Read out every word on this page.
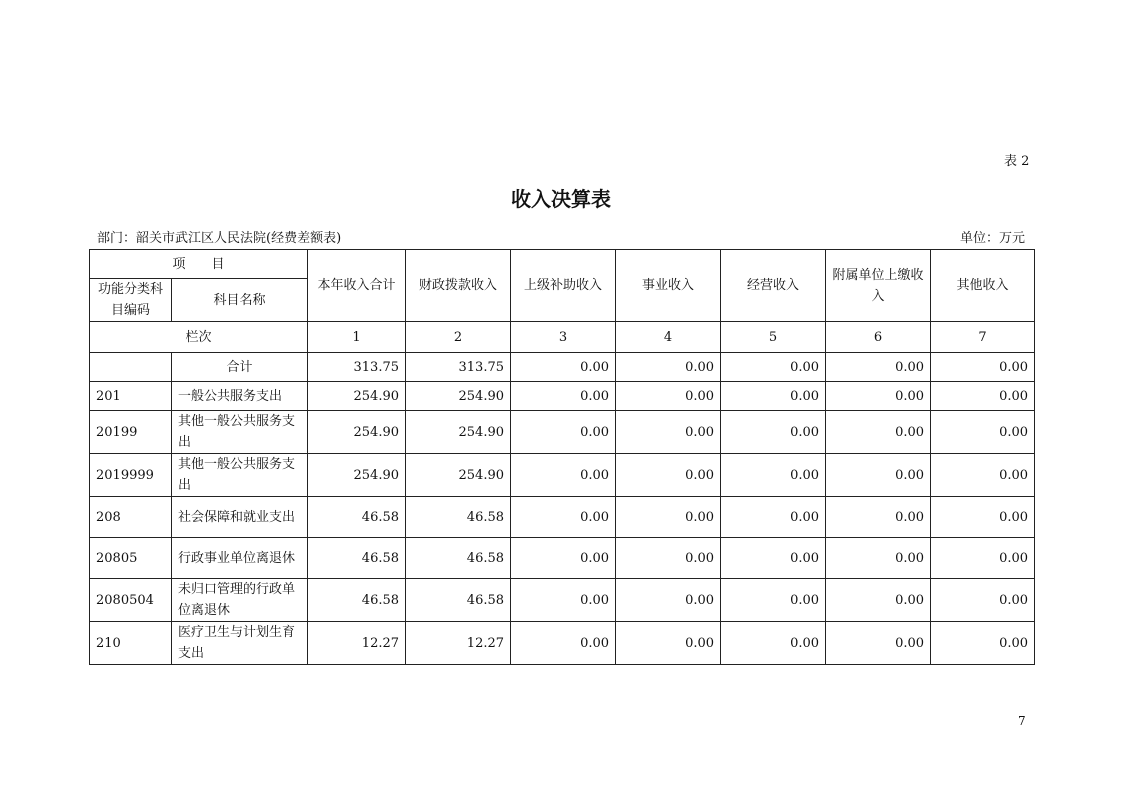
表 2
收入决算表
部门：韶关市武江区人民法院(经费差额表)	单位：万元
项　　目		本年收入合计	财政拨款收入	上级补助收入	事业收入	经营收入	附属单位上缴收入	其他收入
功能分类科目编码	科目名称							
栏次		1	2	3	4	5	6	7
	合计	313.75	313.75	0.00	0.00	0.00	0.00	0.00
201	一般公共服务支出	254.90	254.90	0.00	0.00	0.00	0.00	0.00
20199	其他一般公共服务支出	254.90	254.90	0.00	0.00	0.00	0.00	0.00
2019999	其他一般公共服务支出	254.90	254.90	0.00	0.00	0.00	0.00	0.00
208	社会保障和就业支出	46.58	46.58	0.00	0.00	0.00	0.00	0.00
20805	行政事业单位离退休	46.58	46.58	0.00	0.00	0.00	0.00	0.00
2080504	未归口管理的行政单位离退休	46.58	46.58	0.00	0.00	0.00	0.00	0.00
210	医疗卫生与计划生育支出	12.27	12.27	0.00	0.00	0.00	0.00	0.00
7
